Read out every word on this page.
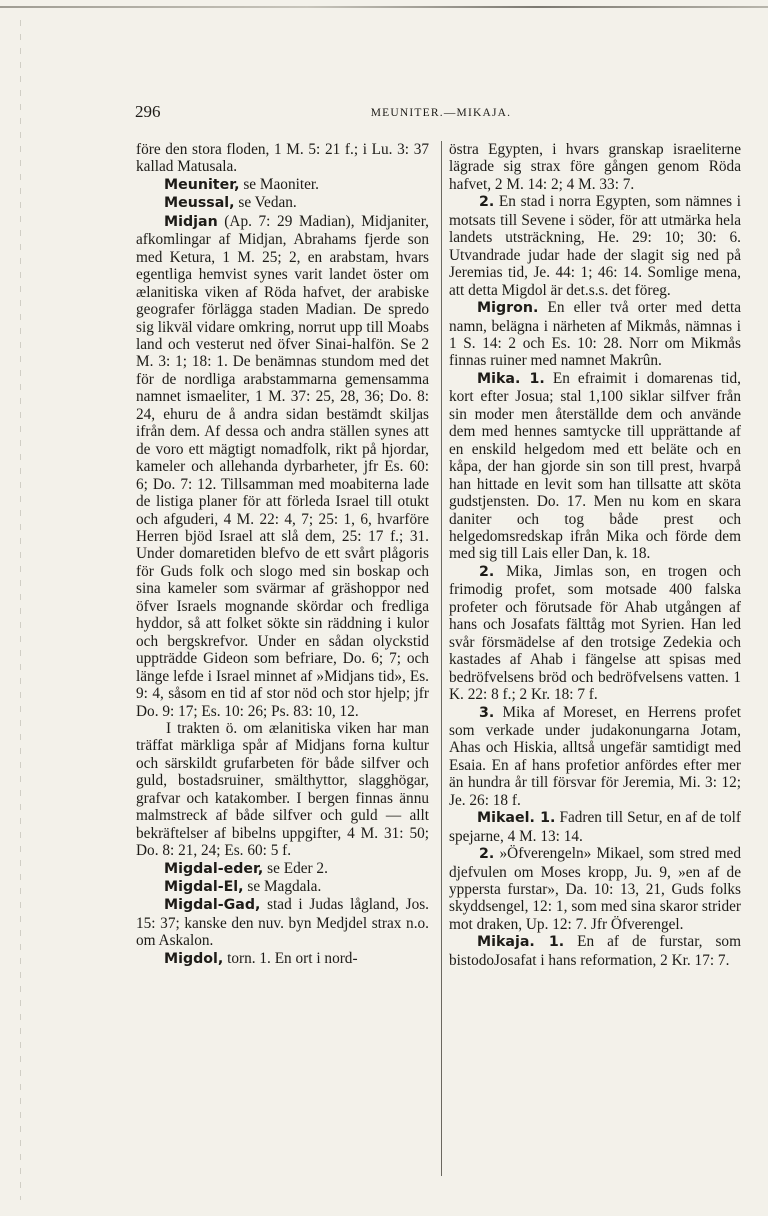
296	MEUNITER.—MIKAJA.

före den stora floden, 1 M. 5: 21 f.; i Lu. 3: 37 kallad Matusala.

Meuniter, se Maoniter.

Meussal, se Vedan.

Midjan (Ap. 7: 29 Madian), Midjaniter, afkomlingar af Midjan, Abrahams fjerde son med Ketura, 1 M. 25; 2, en arabstam, hvars egentliga hemvist synes varit landet öster om ælanitiska viken af Röda hafvet, der arabiske geografer förlägga staden Madian. De spredo sig likväl vidare omkring, norrut upp till Moabs land och vesterut ned öfver Sinai-halfön. Se 2 M. 3: 1; 18: 1. De benämnas stundom med det för de nordliga arabstammarna gemensamma namnet ismaeliter, 1 M. 37: 25, 28, 36; Do. 8: 24, ehuru de å andra sidan bestämdt skiljas ifrån dem. Af dessa och andra ställen synes att de voro ett mägtigt nomadfolk, rikt på hjordar, kameler och allehanda dyrbarheter, jfr Es. 60: 6; Do. 7: 12. Tillsamman med moabiterna lade de listiga planer för att förleda Israel till otukt och afguderi, 4 M. 22: 4, 7; 25: 1, 6, hvarföre Herren bjöd Israel att slå dem, 25: 17 f.; 31. Under domaretiden blefvo de ett svårt plågoris för Guds folk och slogo med sin boskap och sina kameler som svärmar af gräshoppor ned öfver Israels mognande skördar och fredliga hyddor, så att folket sökte sin räddning i kulor och bergskrefvor. Under en sådan olyckstid uppträdde Gideon som befriare, Do. 6; 7; och länge lefde i Israel minnet af »Midjans tid», Es. 9: 4, såsom en tid af stor nöd och stor hjelp; jfr Do. 9: 17; Es. 10: 26; Ps. 83: 10, 12.

I trakten ö. om ælanitiska viken har man träffat märkliga spår af Midjans forna kultur och särskildt grufarbeten för både silfver och guld, bostadsruiner, smälthyttor, slagghögar, grafvar och katakomber. I bergen finnas ännu malmstreck af både silfver och guld — allt bekräftelser af bibelns uppgifter, 4 M. 31: 50; Do. 8: 21, 24; Es. 60: 5 f.

Migdal-eder, se Eder 2.

Migdal-El, se Magdala.

Migdal-Gad, stad i Judas lågland, Jos. 15: 37; kanske den nuv. byn Medjdel strax n.o. om Askalon.

Migdol, torn. 1. En ort i nord-

östra Egypten, i hvars granskap israeliterne lägrade sig strax före gången genom Röda hafvet, 2 M. 14: 2; 4 M. 33: 7.

2. En stad i norra Egypten, som nämnes i motsats till Sevene i söder, för att utmärka hela landets utsträckning, He. 29: 10; 30: 6. Utvandrade judar hade der slagit sig ned på Jeremias tid, Je. 44: 1; 46: 14. Somlige mena, att detta Migdol är det.s.s. det föreg.

Migron. En eller två orter med detta namn, belägna i närheten af Mikmås, nämnas i 1 S. 14: 2 och Es. 10: 28. Norr om Mikmås finnas ruiner med namnet Makrûn.

Mika. 1. En efraimit i domarenas tid, kort efter Josua; stal 1,100 siklar silfver från sin moder men återställde dem och använde dem med hennes samtycke till upprättande af en enskild helgedom med ett beläte och en kåpa, der han gjorde sin son till prest, hvarpå han hittade en levit som han tillsatte att sköta gudstjensten. Do. 17. Men nu kom en skara daniter och tog både prest och helgedomsredskap ifrån Mika och förde dem med sig till Lais eller Dan, k. 18.

2. Mika, Jimlas son, en trogen och frimodig profet, som motsade 400 falska profeter och förutsade för Ahab utgången af hans och Josafats fälttåg mot Syrien. Han led svår försmädelse af den trotsige Zedekia och kastades af Ahab i fängelse att spisas med bedröfvelsens bröd och bedröfvelsens vatten. 1 K. 22: 8 f.; 2 Kr. 18: 7 f.

3. Mika af Moreset, en Herrens profet som verkade under judakonungarna Jotam, Ahas och Hiskia, alltså ungefär samtidigt med Esaia. En af hans profetior anfördes efter mer än hundra år till försvar för Jeremia, Mi. 3: 12; Je. 26: 18 f.

Mikael. 1. Fadren till Setur, en af de tolf spejarne, 4 M. 13: 14.

2. »Öfverengeln» Mikael, som stred med djefvulen om Moses kropp, Ju. 9, »en af de yppersta furstar», Da. 10: 13, 21, Guds folks skyddsengel, 12: 1, som med sina skaror strider mot draken, Up. 12: 7. Jfr Öfverengel.

Mikaja. 1. En af de furstar, som bistodoJosafat i hans reformation, 2 Kr. 17: 7.
